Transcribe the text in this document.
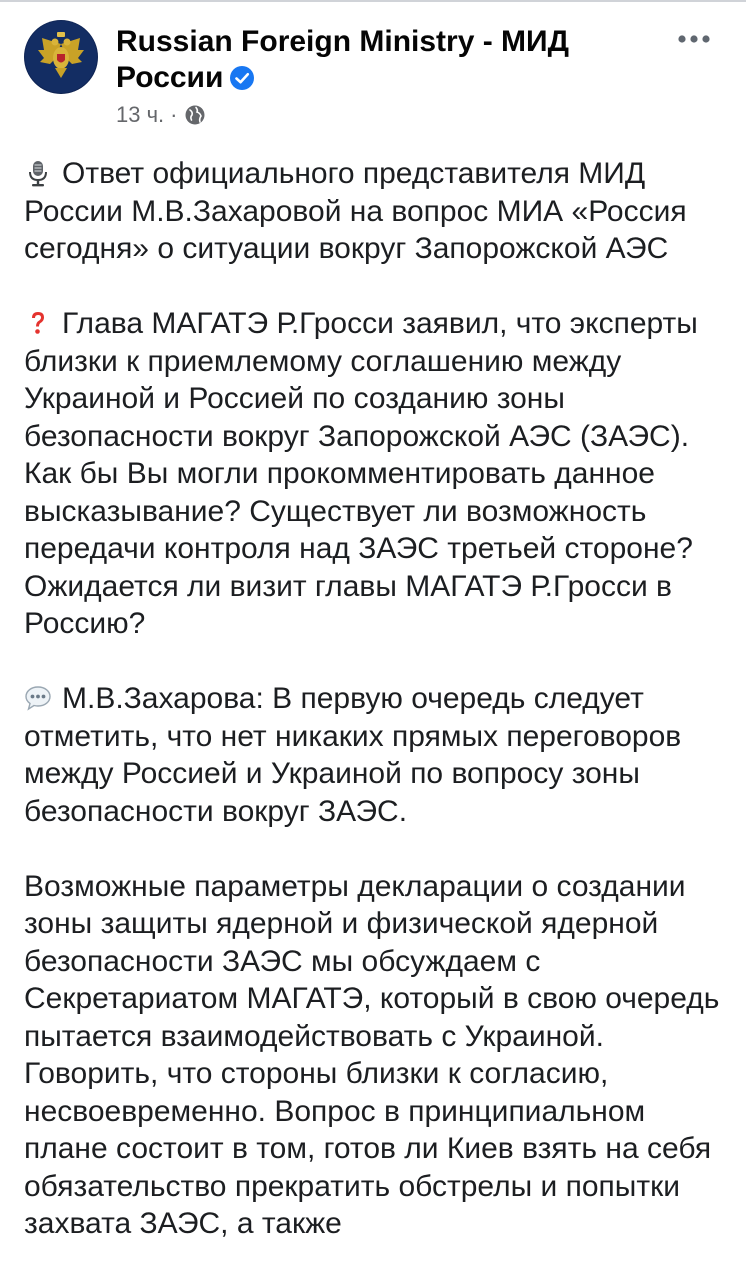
Russian Foreign Ministry - МИД России
13 ч. ·

Ответ официального представителя МИД России М.В.Захаровой на вопрос МИА «Россия сегодня» о ситуации вокруг Запорожской АЭС

Глава МАГАТЭ Р.Гросси заявил, что эксперты близки к приемлемому соглашению между Украиной и Россией по созданию зоны безопасности вокруг Запорожской АЭС (ЗАЭС). Как бы Вы могли прокомментировать данное высказывание? Существует ли возможность передачи контроля над ЗАЭС третьей стороне? Ожидается ли визит главы МАГАТЭ Р.Гросси в Россию?

М.В.Захарова: В первую очередь следует отметить, что нет никаких прямых переговоров между Россией и Украиной по вопросу зоны безопасности вокруг ЗАЭС.

Возможные параметры декларации о создании зоны защиты ядерной и физической ядерной безопасности ЗАЭС мы обсуждаем с Секретариатом МАГАТЭ, который в свою очередь пытается взаимодействовать с Украиной. Говорить, что стороны близки к согласию, несвоевременно. Вопрос в принципиальном плане состоит в том, готов ли Киев взять на себя обязательство прекратить обстрелы и попытки захвата ЗАЭС, а также
